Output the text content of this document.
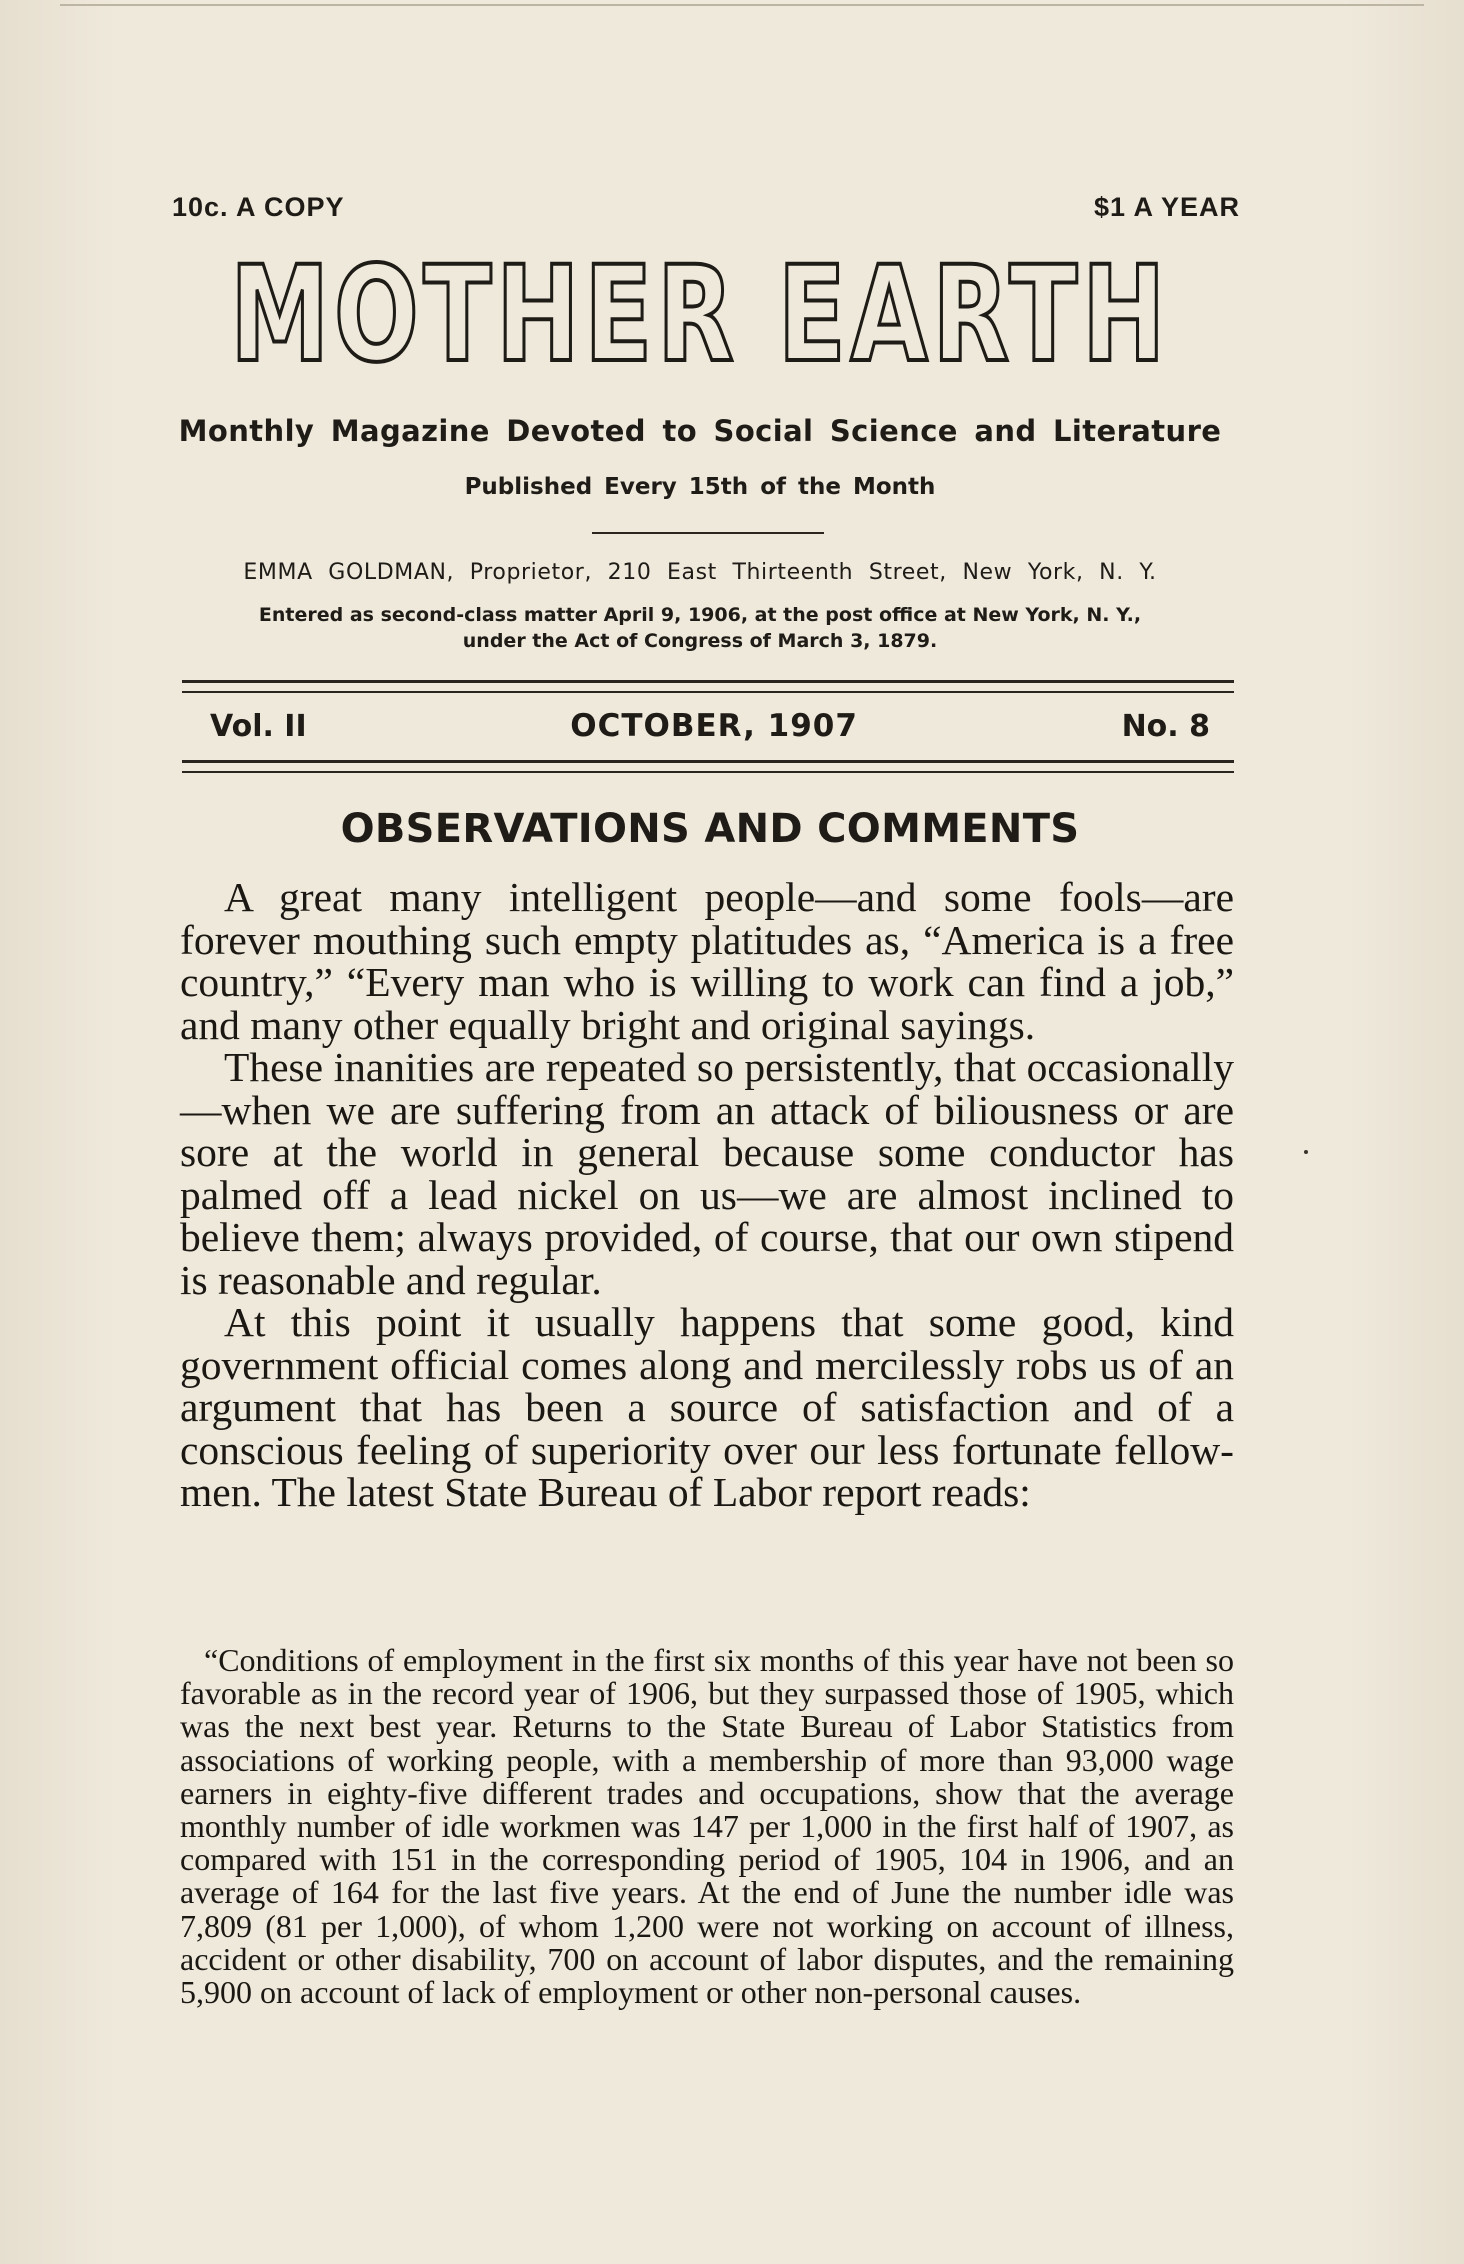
10c. A COPY	$1 A YEAR
MOTHER EARTH
MOTHER EARTH
Monthly Magazine Devoted to Social Science and Literature
Published Every 15th of the Month
EMMA GOLDMAN, Proprietor, 210 East Thirteenth Street, New York, N. Y.
Entered as second-class matter April 9, 1906, at the post office at New York, N. Y.,
under the Act of Congress of March 3, 1879.
Vol. II	OCTOBER, 1907	No. 8
OBSERVATIONS AND COMMENTS

A great many intelligent people—and some fools—are forever mouthing such empty platitudes as, “America is a free country,” “Every man who is willing to work can find a job,” and many other equally bright and original sayings.

These inanities are repeated so persistently, that occasionally—when we are suffering from an attack of biliousness or are sore at the world in general because some conductor has palmed off a lead nickel on us—we are almost inclined to believe them; always provided, of course, that our own stipend is reasonable and regular.

At this point it usually happens that some good, kind government official comes along and mercilessly robs us of an argument that has been a source of satisfaction and of a conscious feeling of superiority over our less fortunate fellow-men. The latest State Bureau of Labor report reads:

“Conditions of employment in the first six months of this year have not been so favorable as in the record year of 1906, but they surpassed those of 1905, which was the next best year. Returns to the State Bureau of Labor Statistics from associations of working people, with a membership of more than 93,000 wage earners in eighty-five different trades and occupations, show that the average monthly number of idle workmen was 147 per 1,000 in the first half of 1907, as compared with 151 in the corresponding period of 1905, 104 in 1906, and an average of 164 for the last five years. At the end of June the number idle was 7,809 (81 per 1,000), of whom 1,200 were not working on account of illness, accident or other disability, 700 on account of labor disputes, and the remaining 5,900 on account of lack of employment or other non-personal causes.
